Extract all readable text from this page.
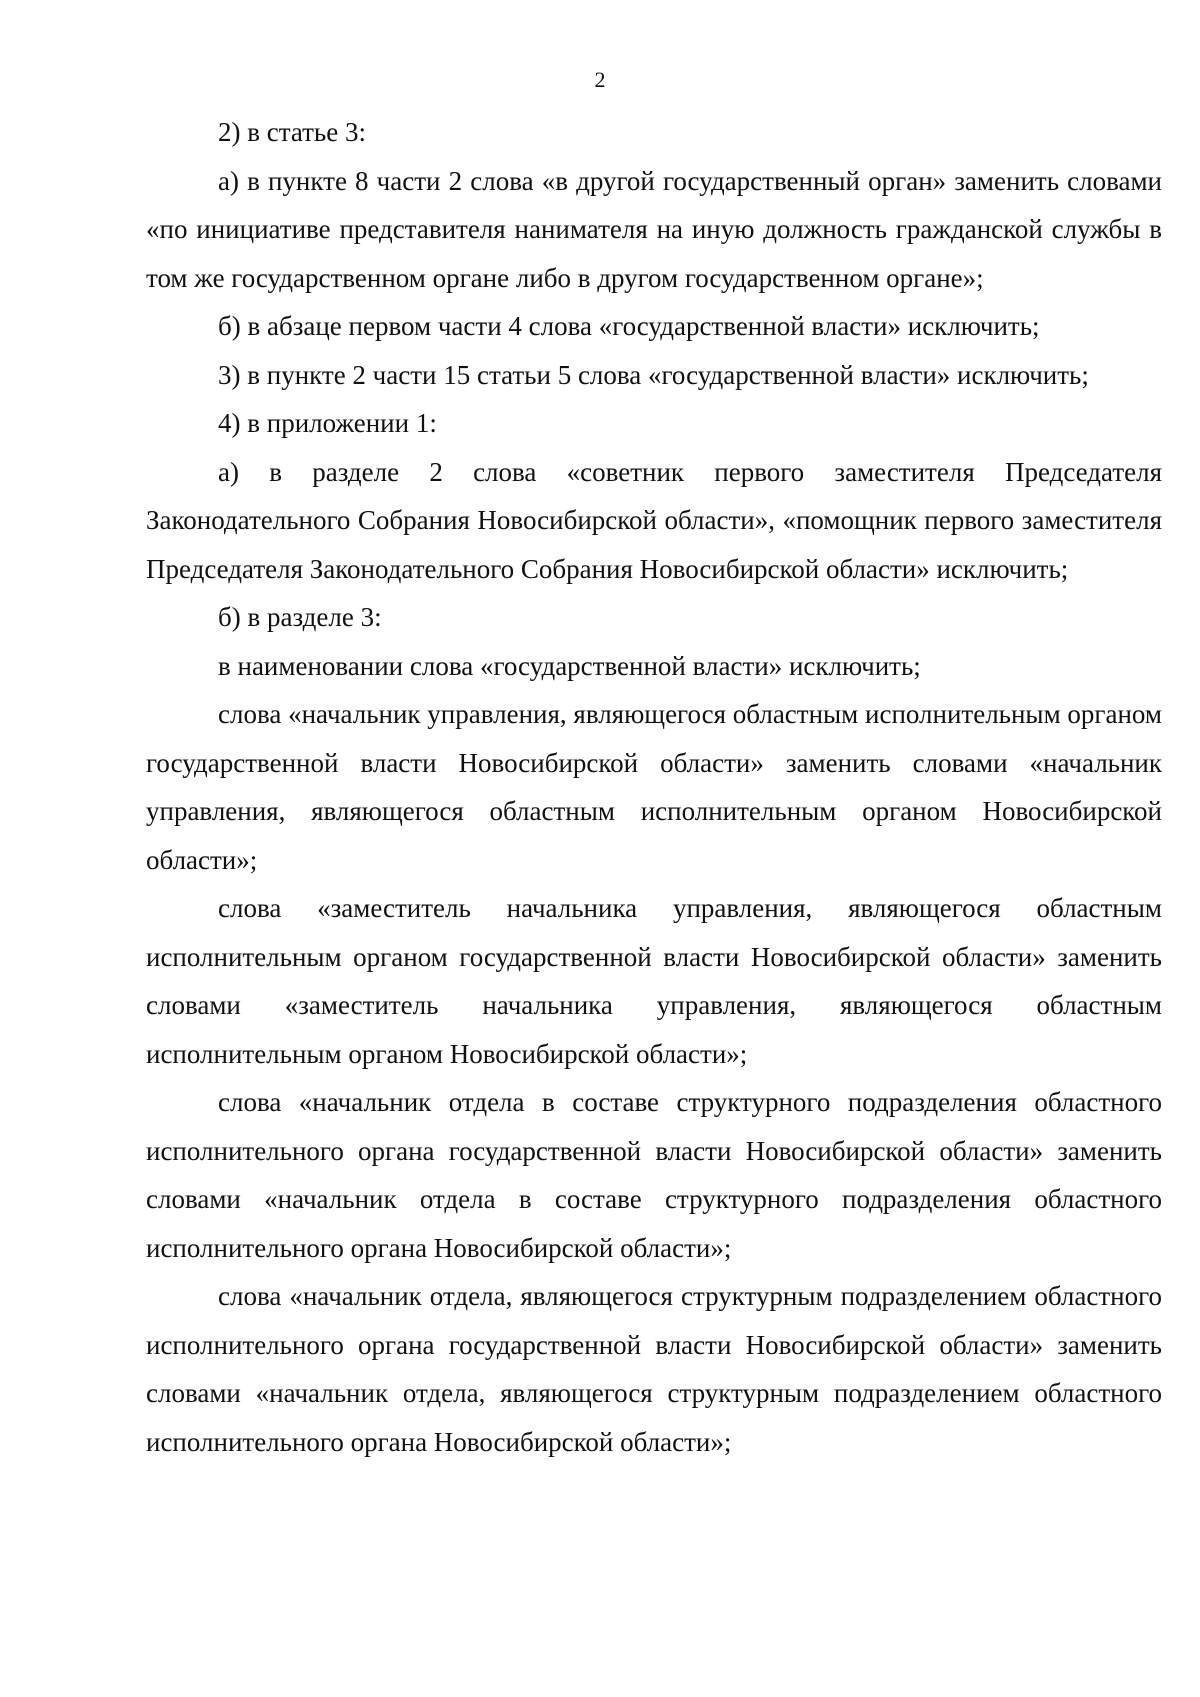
2

2) в статье 3:

а) в пункте 8 части 2 слова «в другой государственный орган» заменить словами «по инициативе представителя нанимателя на иную должность гражданской службы в том же государственном органе либо в другом государственном органе»;

б) в абзаце первом части 4 слова «государственной власти» исключить;

3) в пункте 2 части 15 статьи 5 слова «государственной власти» исключить;

4) в приложении 1:

а) в разделе 2 слова «советник первого заместителя Председателя Законодательного Собрания Новосибирской области», «помощник первого заместителя Председателя Законодательного Собрания Новосибирской области» исключить;

б) в разделе 3:

в наименовании слова «государственной власти» исключить;

слова «начальник управления, являющегося областным исполнительным органом государственной власти Новосибирской области» заменить словами «начальник управления, являющегося областным исполнительным органом Новосибирской области»;

слова «заместитель начальника управления, являющегося областным исполнительным органом государственной власти Новосибирской области» заменить словами «заместитель начальника управления, являющегося областным исполнительным органом Новосибирской области»;

слова «начальник отдела в составе структурного подразделения областного исполнительного органа государственной власти Новосибирской области» заменить словами «начальник отдела в составе структурного подразделения областного исполнительного органа Новосибирской области»;

слова «начальник отдела, являющегося структурным подразделением областного исполнительного органа государственной власти Новосибирской области» заменить словами «начальник отдела, являющегося структурным подразделением областного исполнительного органа Новосибирской области»;
